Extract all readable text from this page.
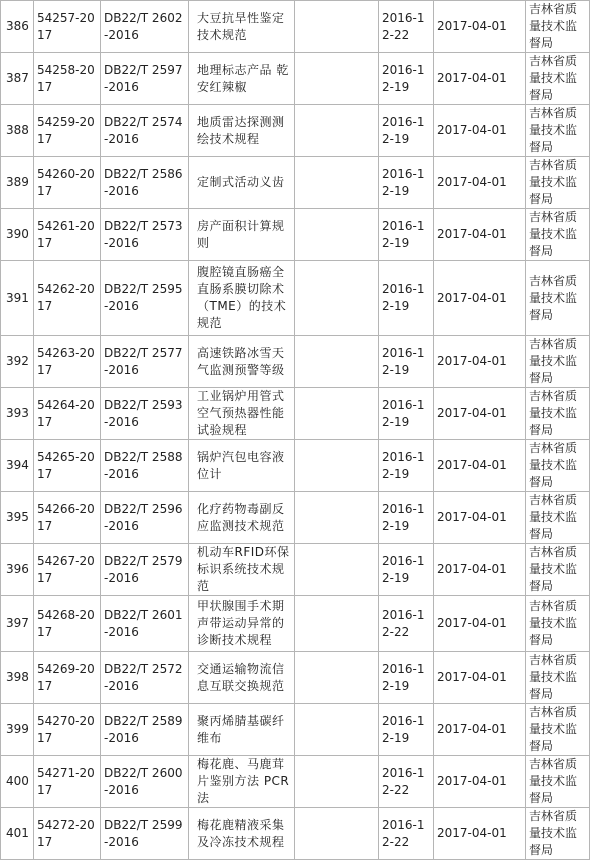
386	54257-2017	DB22/T 2602-2016	大豆抗旱性鉴定技术规范		2016-12-22	2017-04-01	吉林省质量技术监督局
387	54258-2017	DB22/T 2597-2016	地理标志产品 乾安红辣椒		2016-12-19	2017-04-01	吉林省质量技术监督局
388	54259-2017	DB22/T 2574-2016	地质雷达探测测绘技术规程		2016-12-19	2017-04-01	吉林省质量技术监督局
389	54260-2017	DB22/T 2586-2016	定制式活动义齿		2016-12-19	2017-04-01	吉林省质量技术监督局
390	54261-2017	DB22/T 2573-2016	房产面积计算规则		2016-12-19	2017-04-01	吉林省质量技术监督局
391	54262-2017	DB22/T 2595-2016	腹腔镜直肠癌全直肠系膜切除术（TME）的技术规范		2016-12-19	2017-04-01	吉林省质量技术监督局
392	54263-2017	DB22/T 2577-2016	高速铁路冰雪天气监测预警等级		2016-12-19	2017-04-01	吉林省质量技术监督局
393	54264-2017	DB22/T 2593-2016	工业锅炉用管式空气预热器性能试验规程		2016-12-19	2017-04-01	吉林省质量技术监督局
394	54265-2017	DB22/T 2588-2016	锅炉汽包电容液位计		2016-12-19	2017-04-01	吉林省质量技术监督局
395	54266-2017	DB22/T 2596-2016	化疗药物毒副反应监测技术规范		2016-12-19	2017-04-01	吉林省质量技术监督局
396	54267-2017	DB22/T 2579-2016	机动车RFID环保标识系统技术规范		2016-12-19	2017-04-01	吉林省质量技术监督局
397	54268-2017	DB22/T 2601-2016	甲状腺围手术期声带运动异常的诊断技术规程		2016-12-22	2017-04-01	吉林省质量技术监督局
398	54269-2017	DB22/T 2572-2016	交通运输物流信息互联交换规范		2016-12-19	2017-04-01	吉林省质量技术监督局
399	54270-2017	DB22/T 2589-2016	聚丙烯腈基碳纤维布		2016-12-19	2017-04-01	吉林省质量技术监督局
400	54271-2017	DB22/T 2600-2016	梅花鹿、马鹿茸片鉴别方法 PCR法		2016-12-22	2017-04-01	吉林省质量技术监督局
401	54272-2017	DB22/T 2599-2016	梅花鹿精液采集及冷冻技术规程		2016-12-22	2017-04-01	吉林省质量技术监督局
